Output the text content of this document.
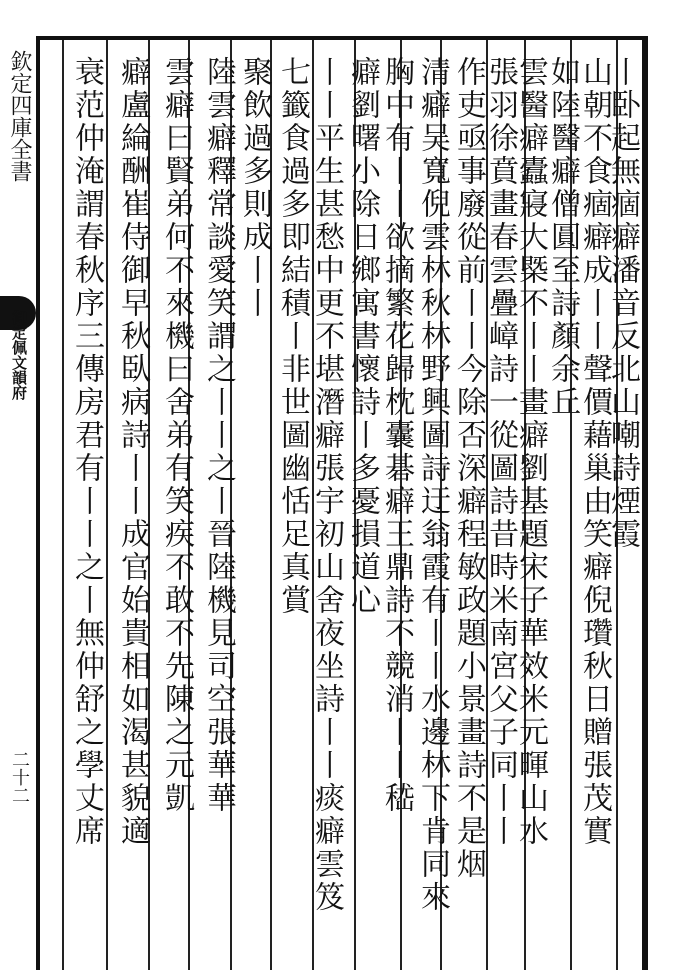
欽定四庫全書
御定佩文韻府
二十二
丨卧起無痼癖潘音反北山嘲詩煙霞
山朝不食痼癖成丨丨聲價藉巢由笑癖倪瓚秋日贈張茂實
如陸醫癖僧圓至詩顏余丘
雲醫癖蠹寢大槩不丨丨畫癖劉基題宋子華效米元暉山水
張羽徐賁畫春雲疊嶂詩一從圖詩昔時米南宮父子同丨丨
作吏亟事廢從前丨丨今除否深癖程敏政題小景畫詩不是烟
清癖吴寬倪雲林秋林野興圖詩迂翁霞有丨丨水邊林下肯同來
胸中有丨丨欲摘繁花歸枕囊碁癖王鼎詩不競消丨丨嵇
癖劉曙小除日鄉寓書懷詩丨多憂損道心
丨丨平生甚愁中更不堪潛癖張宇初山舍夜坐詩丨丨痰癖雲笈
七籤食過多即結積丨非世圖幽恬足真賞
聚飲過多則成丨丨
陸雲癖釋常談愛笑謂之丨丨之丨晉陸機見司空張華華
雲癖曰賢弟何不來機曰舍弟有笑疾不敢不先陳之元凱
癖盧綸酬崔侍御早秋臥病詩丨丨成官始貴相如渴甚貌適
衰范仲淹謂春秋序三傳房君有丨丨之丨無仲舒之學丈席
